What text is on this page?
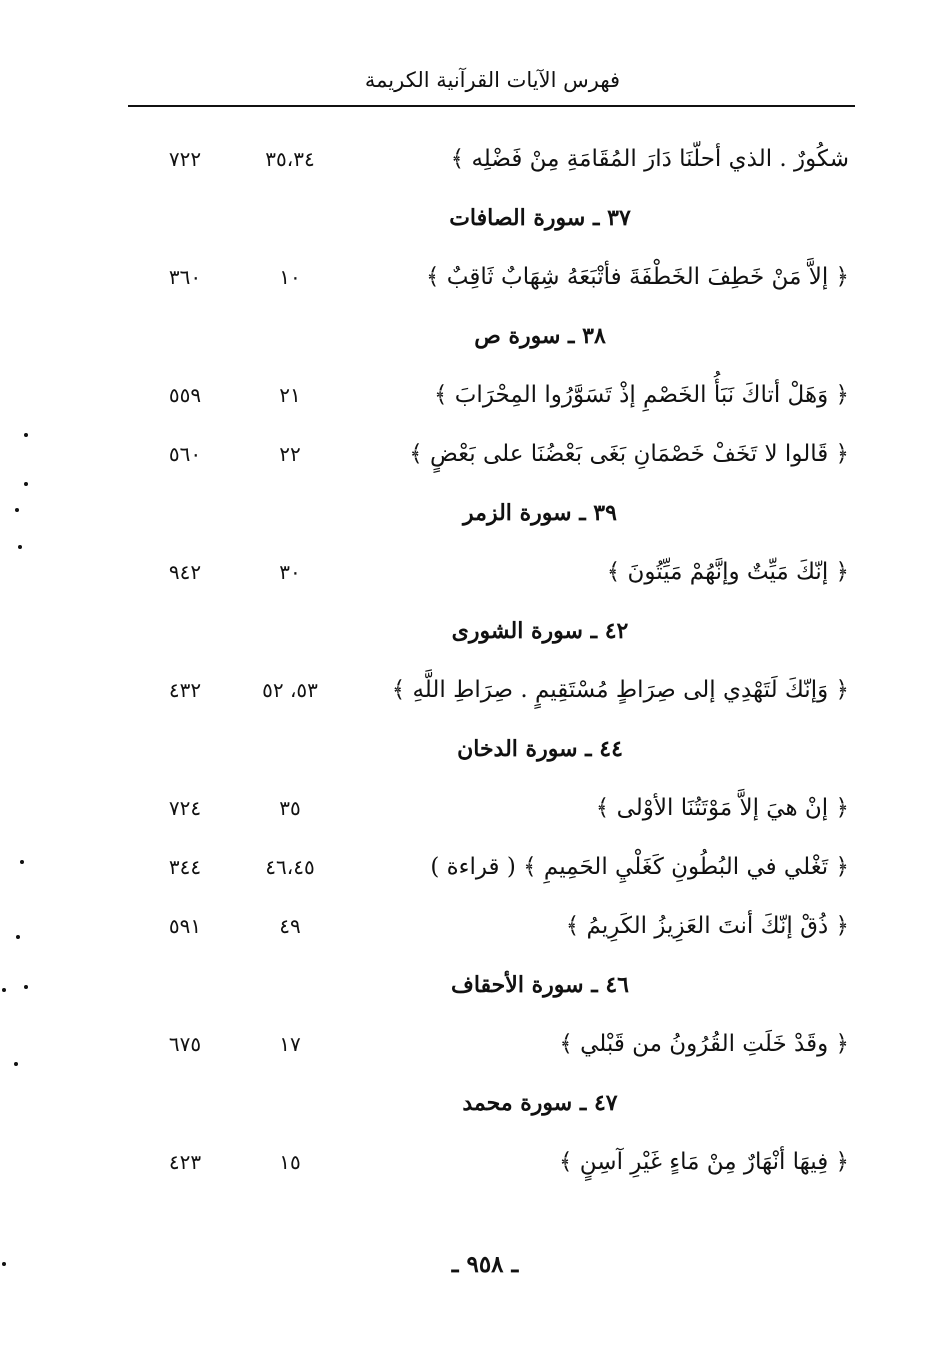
فهرس الآيات القرآنية الكريمة
شكُورٌ . الذي أحلّنَا دَارَ المُقَامَةِ مِنْ فَضْلِه ﴾
٣٥،٣٤
٧٢٢
٣٧ ـ سورة الصافات
﴿ إلاَّ مَنْ خَطِفَ الخَطْفَةَ فأتْبَعَهُ شِهَابٌ ثَاقِبٌ ﴾
١٠
٣٦٠
٣٨ ـ سورة ص
﴿ وَهَلْ أتاكَ نَبَأُ الخَصْمِ إذْ تَسَوَّرُوا المِحْرَابَ ﴾
٢١
٥٥٩
﴿ قَالوا لا تَخَفْ خَصْمَانِ بَغَى بَعْضُنَا على بَعْضٍ ﴾
٢٢
٥٦٠
٣٩ ـ سورة الزمر
﴿ إنّكَ مَيِّتٌ وإنَّهُمْ مَيِّتُونَ ﴾
٣٠
٩٤٢
٤٢ ـ سورة الشورى
﴿ وَإنّكَ لَتَهْدِي إلى صِرَاطٍ مُسْتَقِيمٍ . صِرَاطِ اللَّهِ ﴾
٥٣، ٥٢
٤٣٢
٤٤ ـ سورة الدخان
﴿ إنْ هيَ إلاَّ مَوْتَتُنَا الأوْلى ﴾
٣٥
٧٢٤
﴿ تَغْلي في البُطُونِ كَغَلْيِ الحَمِيمِ ﴾ ( قراءة )
٤٦،٤٥
٣٤٤
﴿ ذُقْ إنّكَ أنتَ العَزِيزُ الكَرِيمُ ﴾
٤٩
٥٩١
٤٦ ـ سورة الأحقاف
﴿ وقَدْ خَلَتِ القُرُونُ من قَبْلي ﴾
١٧
٦٧٥
٤٧ ـ سورة محمد
﴿ فِيهَا أنْهَارٌ مِنْ مَاءٍ غَيْرِ آسِنٍ ﴾
١٥
٤٢٣
ـ ٩٥٨ ـ
